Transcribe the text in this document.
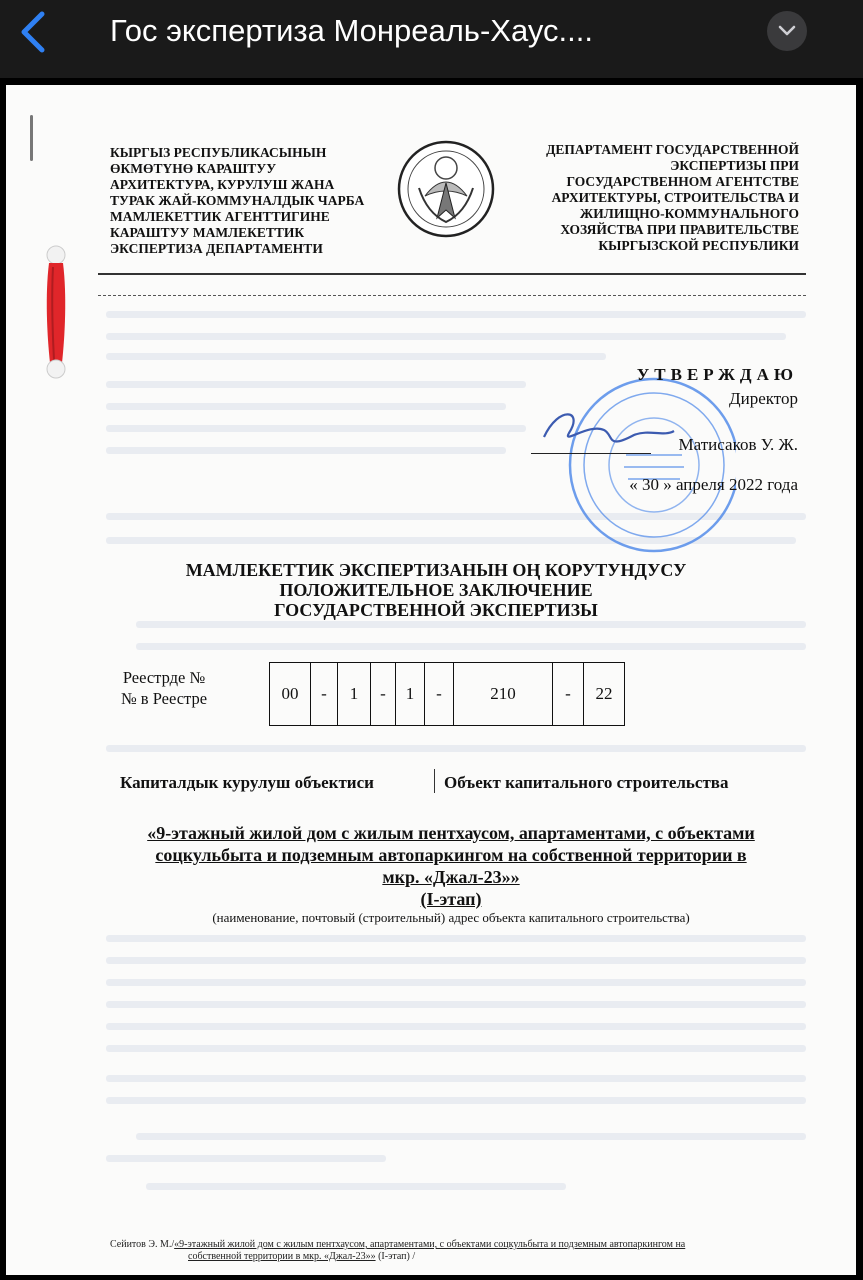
Гос экспертиза Монреаль-Хаус....
КЫРГЫЗ РЕСПУБЛИКАСЫНЫН
ӨКМӨТҮНӨ КАРАШТУУ
АРХИТЕКТУРА, КУРУЛУШ ЖАНА
ТУРАК ЖАЙ-КОММУНАЛДЫК ЧАРБА
МАМЛЕКЕТТИК АГЕНТТИГИНЕ
КАРАШТУУ МАМЛЕКЕТТИК
ЭКСПЕРТИЗА ДЕПАРТАМЕНТИ
ДЕПАРТАМЕНТ ГОСУДАРСТВЕННОЙ
ЭКСПЕРТИЗЫ ПРИ
ГОСУДАРСТВЕННОМ АГЕНТСТВЕ
АРХИТЕКТУРЫ, СТРОИТЕЛЬСТВА И
ЖИЛИЩНО-КОММУНАЛЬНОГО
ХОЗЯЙСТВА ПРИ ПРАВИТЕЛЬСТВЕ
КЫРГЫЗСКОЙ РЕСПУБЛИКИ
УТВЕРЖДАЮ
Директор
Матисаков У. Ж.
« 30 » апреля 2022 года
МАМЛЕКЕТТИК ЭКСПЕРТИЗАНЫН ОҢ КОРУТУНДУСУ
ПОЛОЖИТЕЛЬНОЕ ЗАКЛЮЧЕНИЕ
ГОСУДАРСТВЕННОЙ ЭКСПЕРТИЗЫ
Реестрде №
№ в Реестре	00	-	1	-	1	-	210	-	22
Капиталдык курулуш объектиси	Объект капитального строительства
«9-этажный жилой дом с жилым пентхаусом, апартаментами, с объектами
соцкульбыта и подземным автопаркингом на собственной территории в
мкр. «Джал-23»»
(I-этап)
(наименование, почтовый (строительный) адрес объекта капитального строительства)
Сейитов Э. М./«9-этажный жилой дом с жилым пентхаусом, апартаментами, с объектами соцкульбыта и подземным автопаркингом на
собственной территории в мкр. «Джал-23»» (I-этап) /
